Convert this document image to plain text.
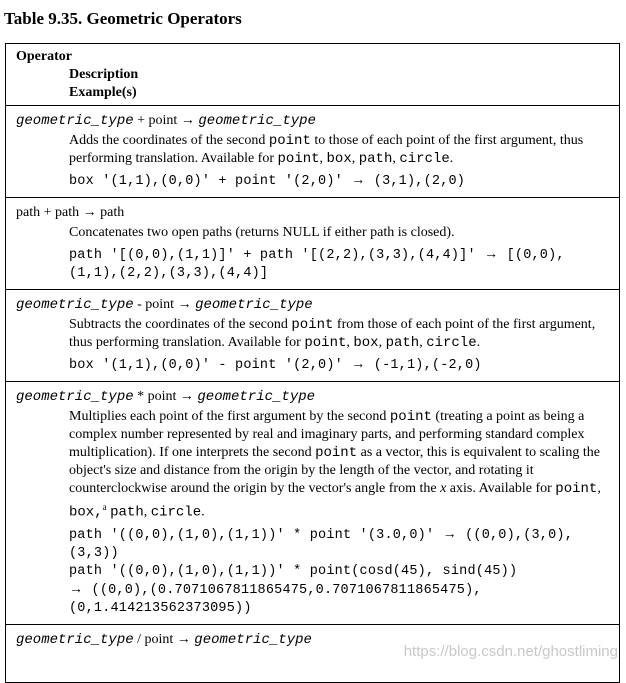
Table 9.35. Geometric Operators
Operator
Description
Example(s)
geometric_type + point → geometric_type
Adds the coordinates of the second point to those of each point of the first argument, thus performing translation. Available for point, box, path, circle.
box '(1,1),(0,0)' + point '(2,0)' → (3,1),(2,0)
path + path → path
Concatenates two open paths (returns NULL if either path is closed).
path '[(0,0),(1,1)]' + path '[(2,2),(3,3),(4,4)]' → [(0,0),
(1,1),(2,2),(3,3),(4,4)]
geometric_type - point → geometric_type
Subtracts the coordinates of the second point from those of each point of the first argument, thus performing translation. Available for point, box, path, circle.
box '(1,1),(0,0)' - point '(2,0)' → (-1,1),(-2,0)
geometric_type * point → geometric_type
Multiplies each point of the first argument by the second point (treating a point as being a complex number represented by real and imaginary parts, and performing standard complex multiplication). If one interprets the second point as a vector, this is equivalent to scaling the object's size and distance from the origin by the length of the vector, and rotating it counterclockwise around the origin by the vector's angle from the x axis. Available for point, box,$^a$ path, circle.
path '((0,0),(1,0),(1,1))' * point '(3.0,0)' → ((0,0),(3,0),
(3,3))
path '((0,0),(1,0),(1,1))' * point(cosd(45), sind(45))
→ ((0,0),(0.7071067811865475,0.7071067811865475),
(0,1.414213562373095))
geometric_type / point → geometric_type
https://blog.csdn.net/ghostliming
